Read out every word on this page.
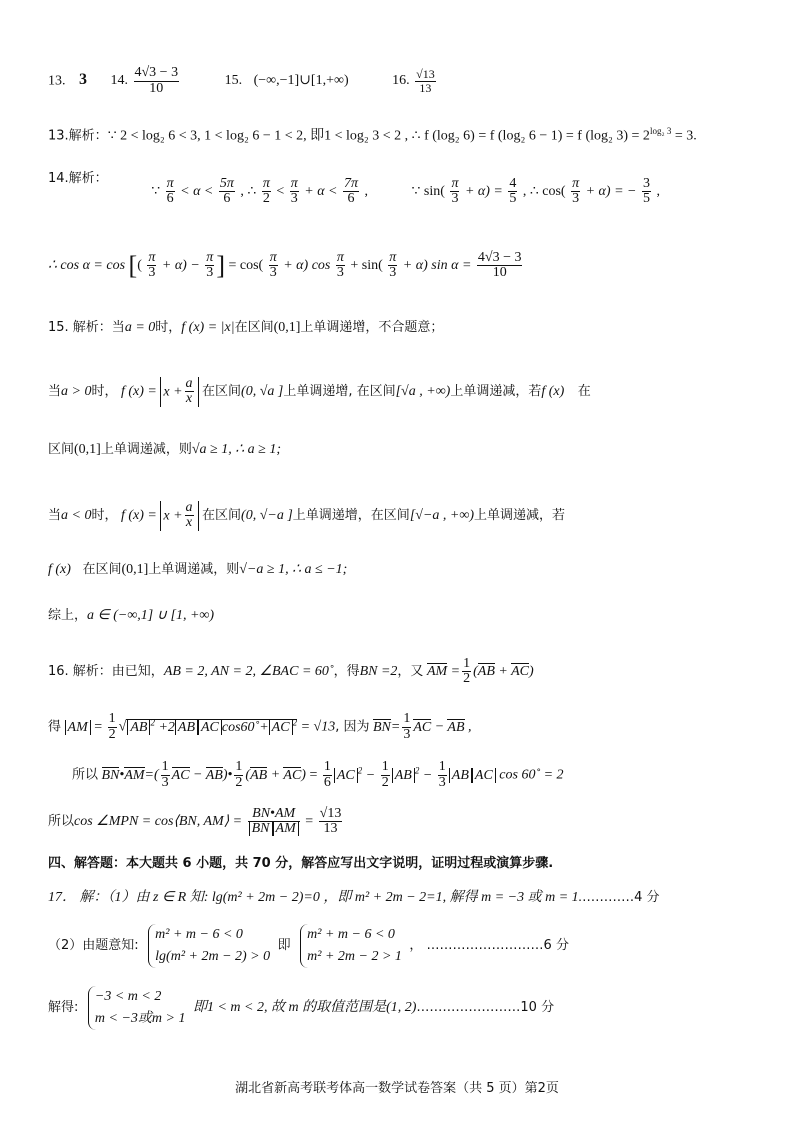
13. 3 14. $\frac{4√3 - 3}{10}$	15. (−∞,−1]∪[1,+∞)	16. $\frac{√13}{13}$
13.解析：∵ 2 < log₂ 6 < 3, 1 < log₂ 6 − 1 < 2, 即1 < log₂ 3 < 2 , ∴ f (log₂ 6) = f (log₂ 6 − 1) = f (log₂ $3) = 2^{log_2 3} = 3$.
14.解析： ∵ $\frac{\pi}{6} < \alpha < \frac{5\pi}{6}$ , ∴ $\frac{\pi}{2} < \frac{\pi}{3} + \alpha < \frac{7\pi}{6}$ ,	∵ $\sin( \frac{\pi}{3} + \alpha) = \frac{4}{5}$ , ∴ $\cos( \frac{\pi}{3} + \alpha)$ = − $\frac{3}{5}$ ,
∴ cos α = cos [( $\frac{\pi}{3} + \alpha) - \frac{\pi}{3}$ ] = $\cos( \frac{\pi}{3} + \alpha)$ $\cos \frac{\pi}{3} + \sin( \frac{\pi}{3} + \alpha)$ $\sin \alpha = \frac{4√3 - 3}{10}$
15. 解析：当a = 0时，f (x) = |x|在区间(0,1]上单调递增，不合题意；
当a > 0时， f $(x) = x + \frac{a}{x}$ 在区间(0, √a ]上单调递增, 在区间[√a , +∞)上单调递减，若f (x) 在
区间(0,1]上单调递减，则√a ≥ 1, ∴ a ≥ 1;
当a < 0时， f $(x) = x + \frac{a}{x}$ 在区间(0, √−a ]上单调递增，在区间[√−a , +∞)上单调递减，若
f (x) 在区间(0,1]上单调递减，则√−a ≥ 1, ∴ a ≤ −1;
综上，a ∈ (−∞,1] ∪ [1, +∞)
16. 解析：由已知，AB = 2, AN = 2, ∠BAC = 60˚，得BN =2，又 AM = $\frac{1}{2} (AB + AC)$
得 AM = $\frac{1}{2}$ √ AB $^2$ +2 AB AC cos60˚+ AC $^2$ = √13, 因为 $BN= \frac{1}{3}$ AC − AB ,
所以 BN•AM=( $\frac{1}{3}$ AC − AB)• $\frac{1}{2} (AB + AC) = \frac{1}{6}$ AC $^2 - \frac{1}{2}$ AB $^2 - \frac{1}{3}$ AB AC cos 60˚ = 2
所以cos ∠MPN = cos⟨BN, AM⟩ = $\frac{BN•AM}{\text{BN AM}} = \frac{√13}{13}$
四、解答题：本大题共 6 小题，共 70 分，解答应写出文字说明，证明过程或演算步骤.
17． 解：（1）由 z ∈ R 知: lg(m² + 2m − 2)=0 ，即 m² + 2m − 2=1, 解得 m = −3 或 m = 1.…………4 分
（2）由题意知:
m² + m − 6 < 0
lg(m² + 2m − 2) > 0
即
m² + m − 6 < 0
m² + 2m − 2 > 1
， ………………………6 分
解得:
−3 < m < 2
m < −3或m > 1
即1 < m < 2, 故 m 的取值范围是(1, 2)……………………10 分
湖北省新高考联考体高一数学试卷答案（共 5 页）第2页
